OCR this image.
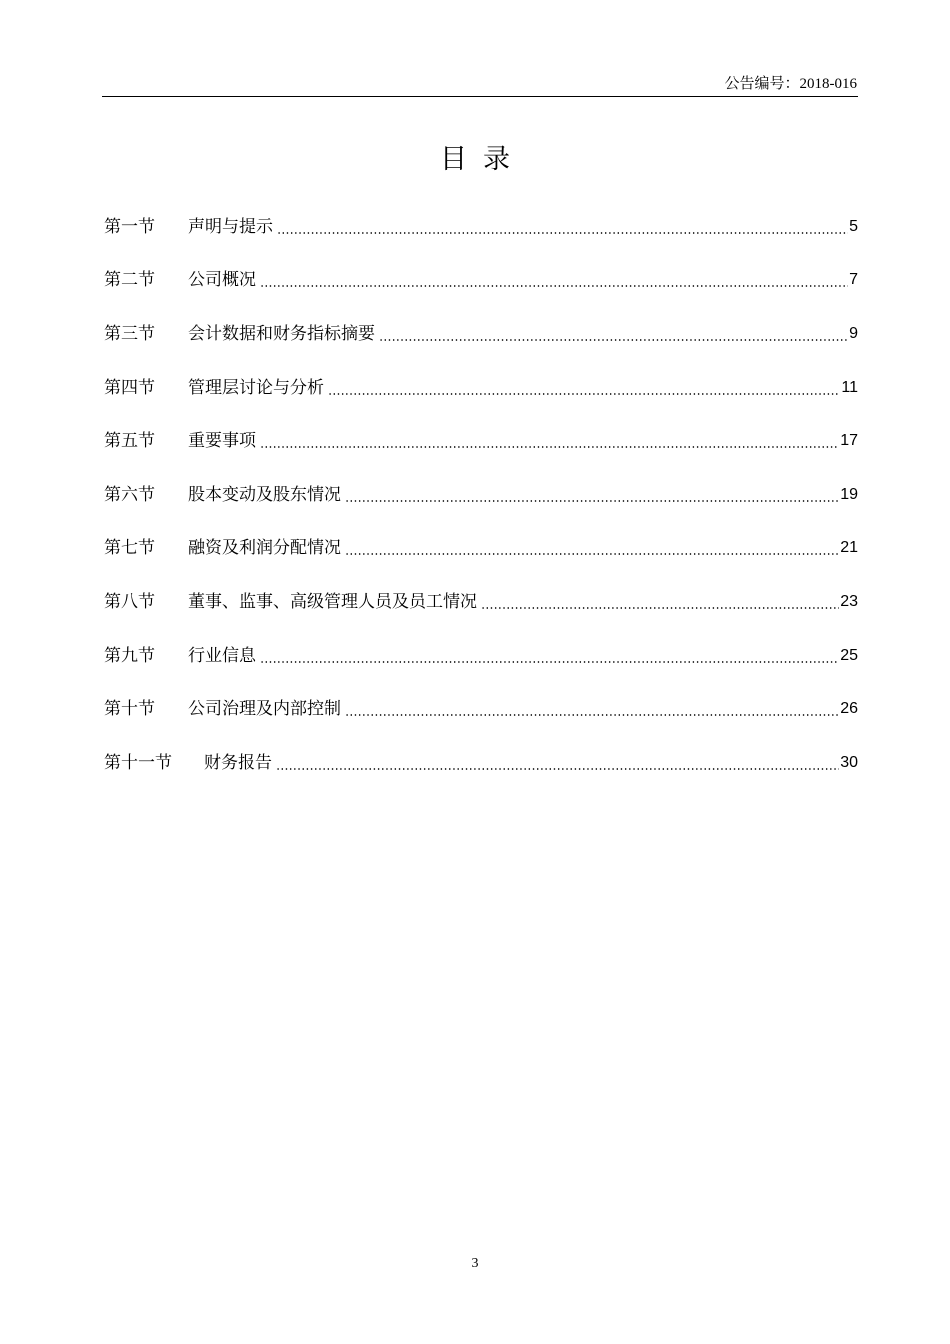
公告编号：2018-016
目录
第一节	声明与提示	5
第二节	公司概况	7
第三节	会计数据和财务指标摘要	9
第四节	管理层讨论与分析	11
第五节	重要事项	17
第六节	股本变动及股东情况	19
第七节	融资及利润分配情况	21
第八节	董事、监事、高级管理人员及员工情况	23
第九节	行业信息	25
第十节	公司治理及内部控制	26
第十一节	财务报告	30
3
